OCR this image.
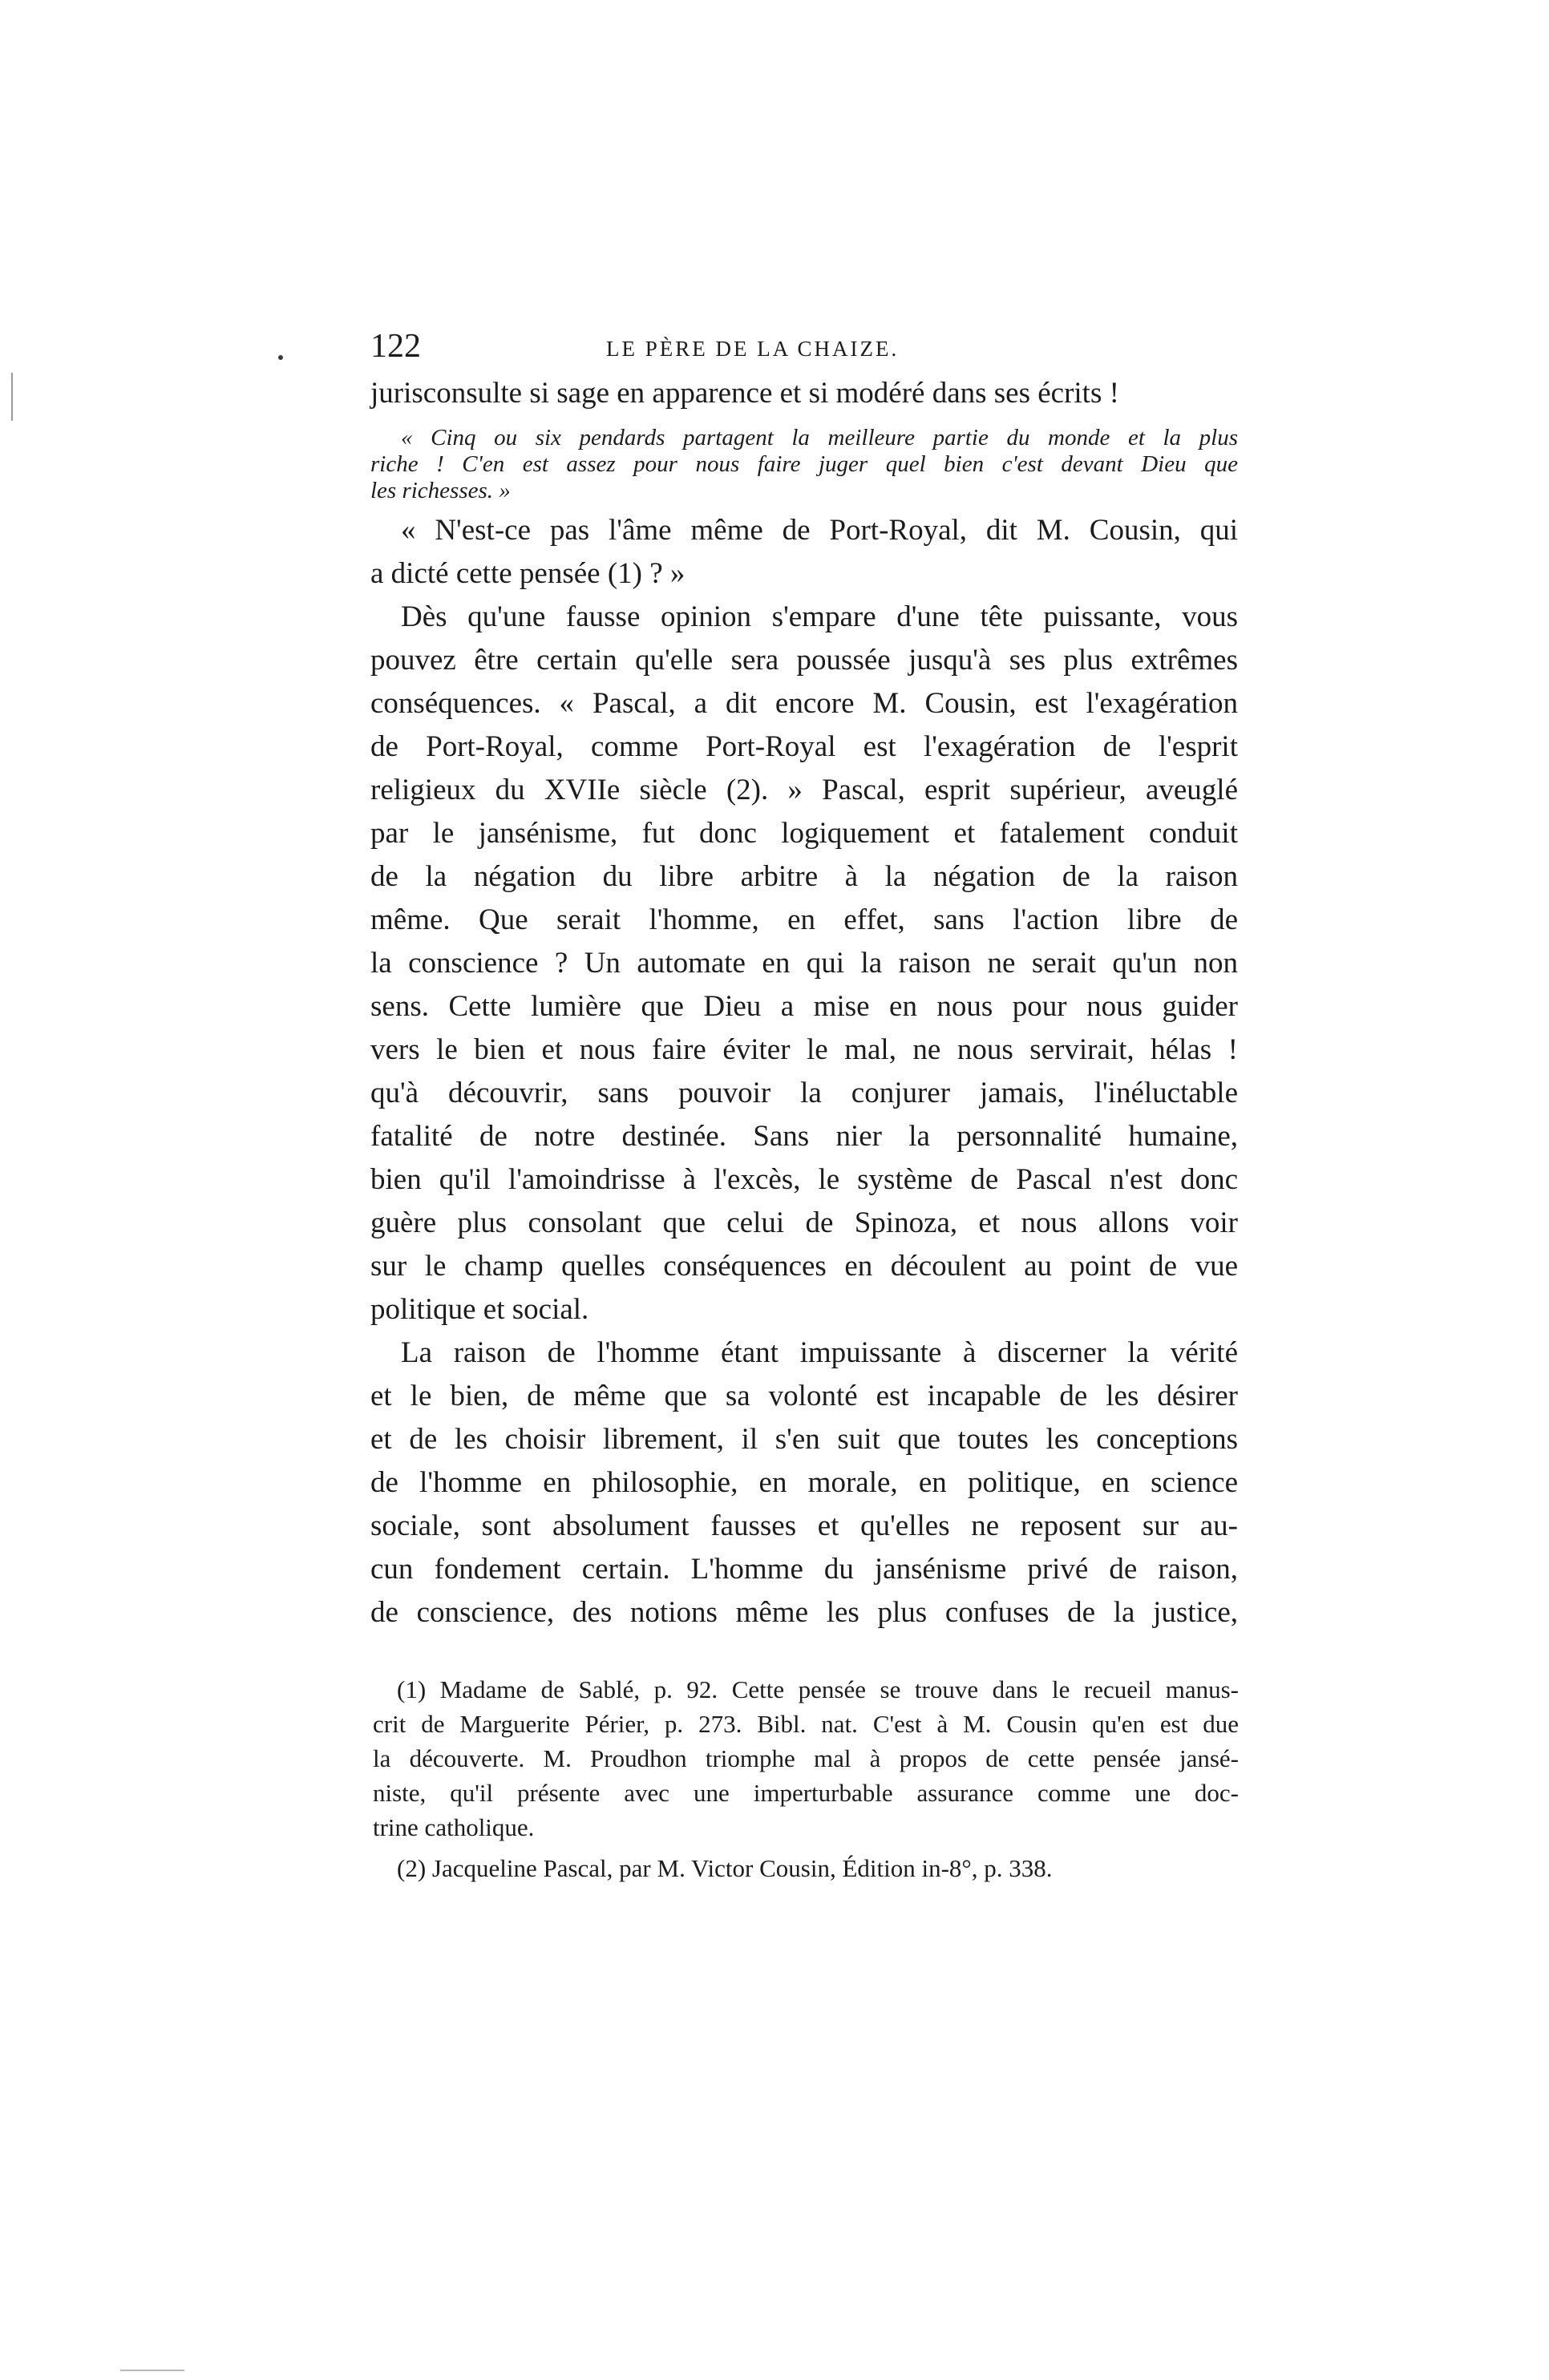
122	LE PÈRE DE LA CHAIZE.
jurisconsulte si sage en apparence et si modéré dans ses écrits !
« Cinq ou six pendards partagent la meilleure partie du monde et la plus
riche ! C'en est assez pour nous faire juger quel bien c'est devant Dieu que
les richesses. »
« N'est-ce pas l'âme même de Port-Royal, dit M. Cousin, qui
a dicté cette pensée (1) ? »
Dès qu'une fausse opinion s'empare d'une tête puissante, vous
pouvez être certain qu'elle sera poussée jusqu'à ses plus extrêmes
conséquences. « Pascal, a dit encore M. Cousin, est l'exagération
de Port-Royal, comme Port-Royal est l'exagération de l'esprit
religieux du XVIIe siècle (2). » Pascal, esprit supérieur, aveuglé
par le jansénisme, fut donc logiquement et fatalement conduit
de la négation du libre arbitre à la négation de la raison
même. Que serait l'homme, en effet, sans l'action libre de
la conscience ? Un automate en qui la raison ne serait qu'un non
sens. Cette lumière que Dieu a mise en nous pour nous guider
vers le bien et nous faire éviter le mal, ne nous servirait, hélas !
qu'à découvrir, sans pouvoir la conjurer jamais, l'inéluctable
fatalité de notre destinée. Sans nier la personnalité humaine,
bien qu'il l'amoindrisse à l'excès, le système de Pascal n'est donc
guère plus consolant que celui de Spinoza, et nous allons voir
sur le champ quelles conséquences en découlent au point de vue
politique et social.
La raison de l'homme étant impuissante à discerner la vérité
et le bien, de même que sa volonté est incapable de les désirer
et de les choisir librement, il s'en suit que toutes les conceptions
de l'homme en philosophie, en morale, en politique, en science
sociale, sont absolument fausses et qu'elles ne reposent sur au-
cun fondement certain. L'homme du jansénisme privé de raison,
de conscience, des notions même les plus confuses de la justice,
(1) Madame de Sablé, p. 92. Cette pensée se trouve dans le recueil manus-
crit de Marguerite Périer, p. 273. Bibl. nat. C'est à M. Cousin qu'en est due
la découverte. M. Proudhon triomphe mal à propos de cette pensée jansé-
niste, qu'il présente avec une imperturbable assurance comme une doc-
trine catholique.
(2) Jacqueline Pascal, par M. Victor Cousin, Édition in-8°, p. 338.
